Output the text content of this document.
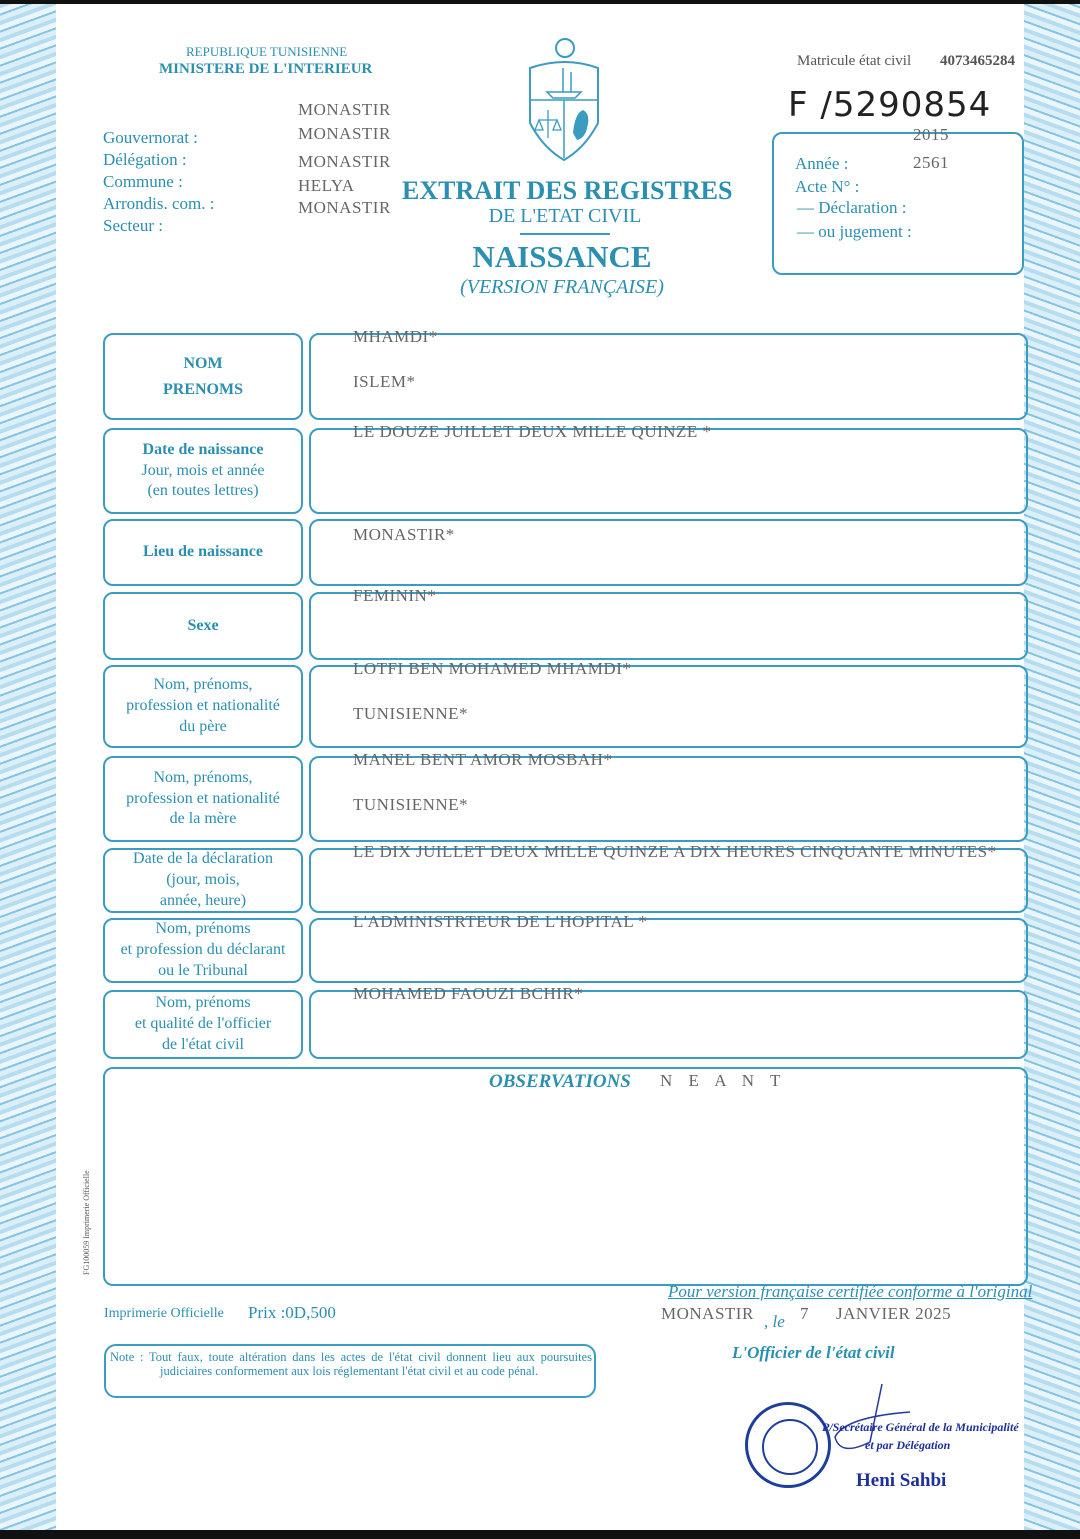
REPUBLIQUE TUNISIENNE
MINISTERE DE L'INTERIEUR	Matricule état civil 4073465284
F /5290854
Gouvernorat :
Délégation :
Commune :
Arrondis. com. :
Secteur :
MONASTIR
MONASTIR
MONASTIR
HELYA
MONASTIR
EXTRAIT DES REGISTRES
DE L'ETAT CIVIL
NAISSANCE
(VERSION FRANÇAISE)
2015
Année :	2561
Acte N° :
— Déclaration :
— ou jugement :
NOM
PRENOMS
MHAMDI*
ISLEM*
Date de naissance
Jour, mois et année
(en toutes lettres)
LE DOUZE JUILLET DEUX MILLE QUINZE *
Lieu de naissance
MONASTIR*
Sexe
FEMININ*
Nom, prénoms,
profession et nationalité
du père
LOTFI BEN MOHAMED MHAMDI*
TUNISIENNE*
Nom, prénoms,
profession et nationalité
de la mère
MANEL BENT AMOR MOSBAH*
TUNISIENNE*
Date de la déclaration
(jour, mois,
année, heure)
LE DIX JUILLET DEUX MILLE QUINZE A DIX HEURES CINQUANTE MINUTES*
Nom, prénoms
et profession du déclarant
ou le Tribunal
L'ADMINISTRTEUR DE L'HOPITAL *
Nom, prénoms
et qualité de l'officier
de l'état civil
MOHAMED FAOUZI BCHIR*
OBSERVATIONS N E A N T
FG100059 Imprimerie Officielle
Imprimerie Officielle Prix :0D,500
Pour version française certifiée conforme à l'original
MONASTIR , le 7 JANVIER 2025
L'Officier de l'état civil
Note : Tout faux, toute altération dans les actes de l'état civil donnent lieu aux poursuites judiciaires conformement aux lois réglementant l'état civil et au code pénal.
P/Secrétaire Général de la Municipalité
et par Délégation
Heni Sahbi
